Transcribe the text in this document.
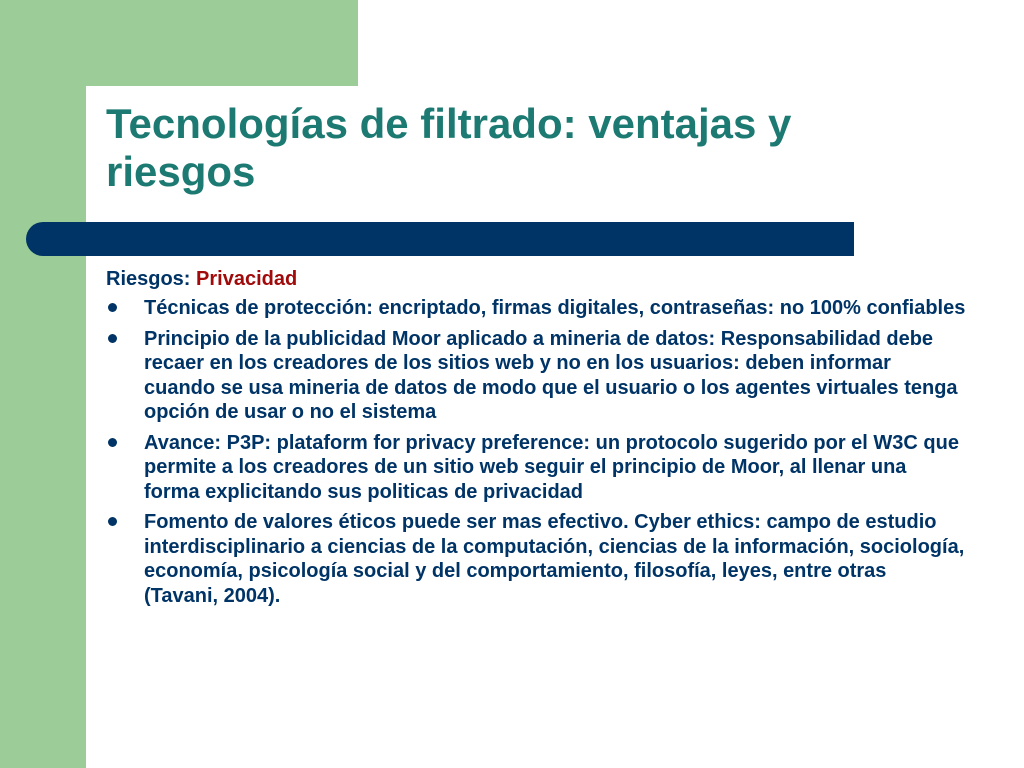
Tecnologías de filtrado: ventajas y riesgos
Riesgos: Privacidad
Técnicas de protección: encriptado, firmas digitales, contraseñas: no 100% confiables
Principio de la publicidad Moor aplicado a mineria de datos: Responsabilidad debe recaer en los creadores de los sitios web y no en los usuarios: deben informar cuando se usa mineria de datos de modo que el usuario o los agentes virtuales tenga opción de usar o no el sistema
Avance: P3P: plataform for privacy preference: un protocolo sugerido por el W3C que permite a los creadores de un sitio web seguir el principio de Moor, al llenar una forma explicitando sus politicas de privacidad
Fomento de valores éticos puede ser mas efectivo. Cyber ethics: campo de estudio interdisciplinario a ciencias de la computación, ciencias de la información, sociología, economía, psicología social y del comportamiento, filosofía, leyes, entre otras (Tavani, 2004).
